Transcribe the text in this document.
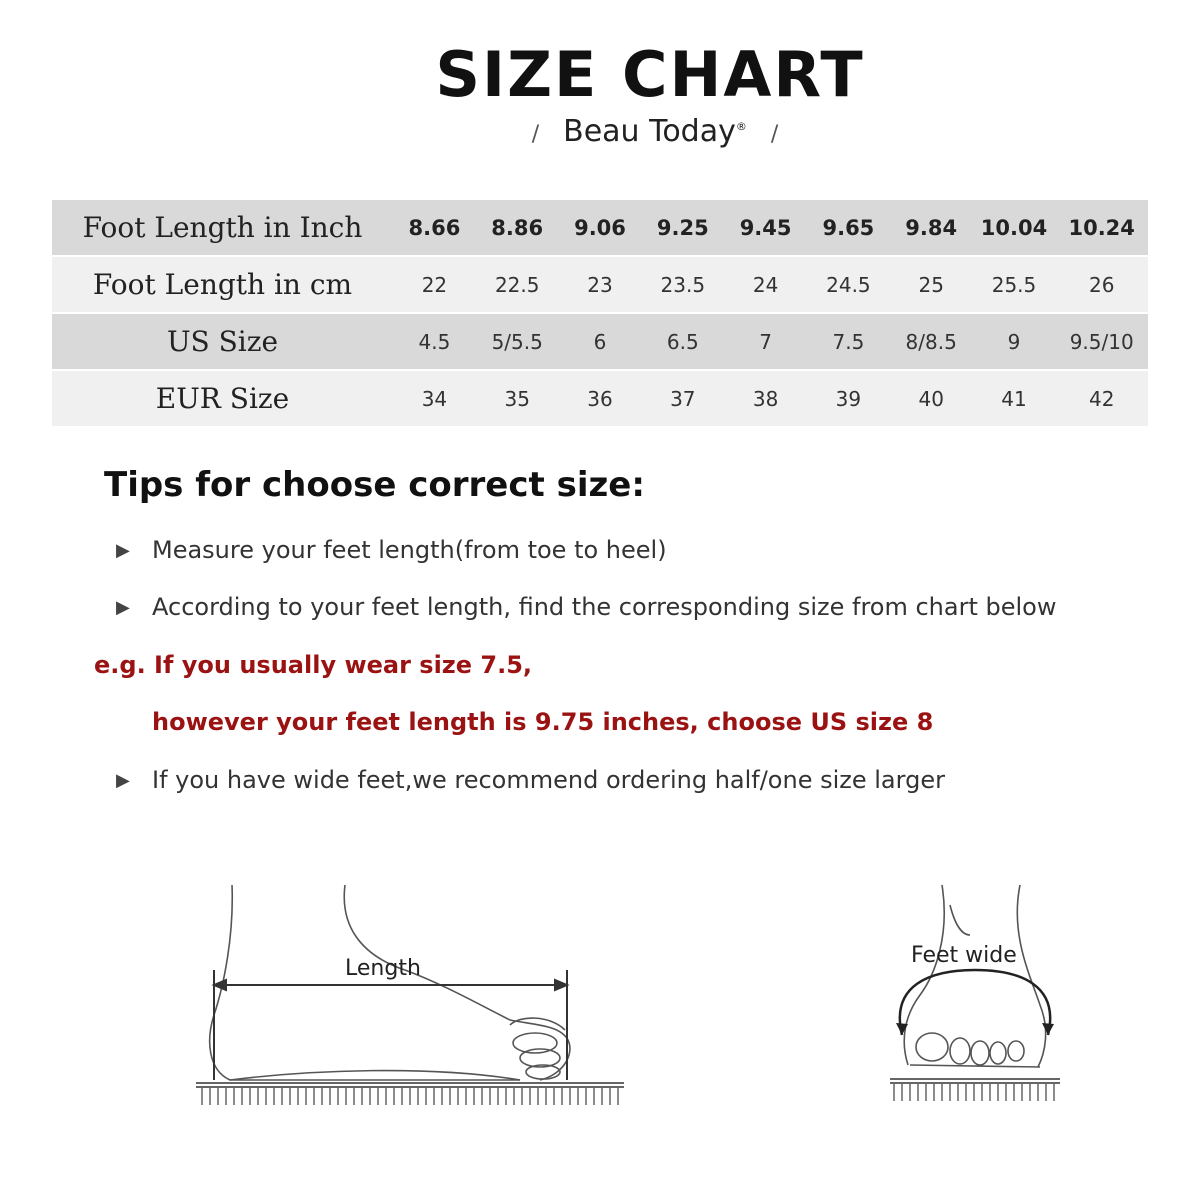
SIZE CHART
/ Beau Today® /
Foot Length in Inch	8.66	8.86	9.06	9.25	9.45	9.65	9.84	10.04	10.24
Foot Length in cm	22	22.5	23	23.5	24	24.5	25	25.5	26
US Size	4.5	5/5.5	6	6.5	7	7.5	8/8.5	9	9.5/10
EUR Size	34	35	36	37	38	39	40	41	42
Tips for choose correct size:
▶ Measure your feet length(from toe to heel)
▶ According to your feet length, find the corresponding size from chart below
e.g. If you usually wear size 7.5,
however your feet length is 9.75 inches, choose US size 8
▶ If you have wide feet,we recommend ordering half/one size larger
Length
Feet wide
